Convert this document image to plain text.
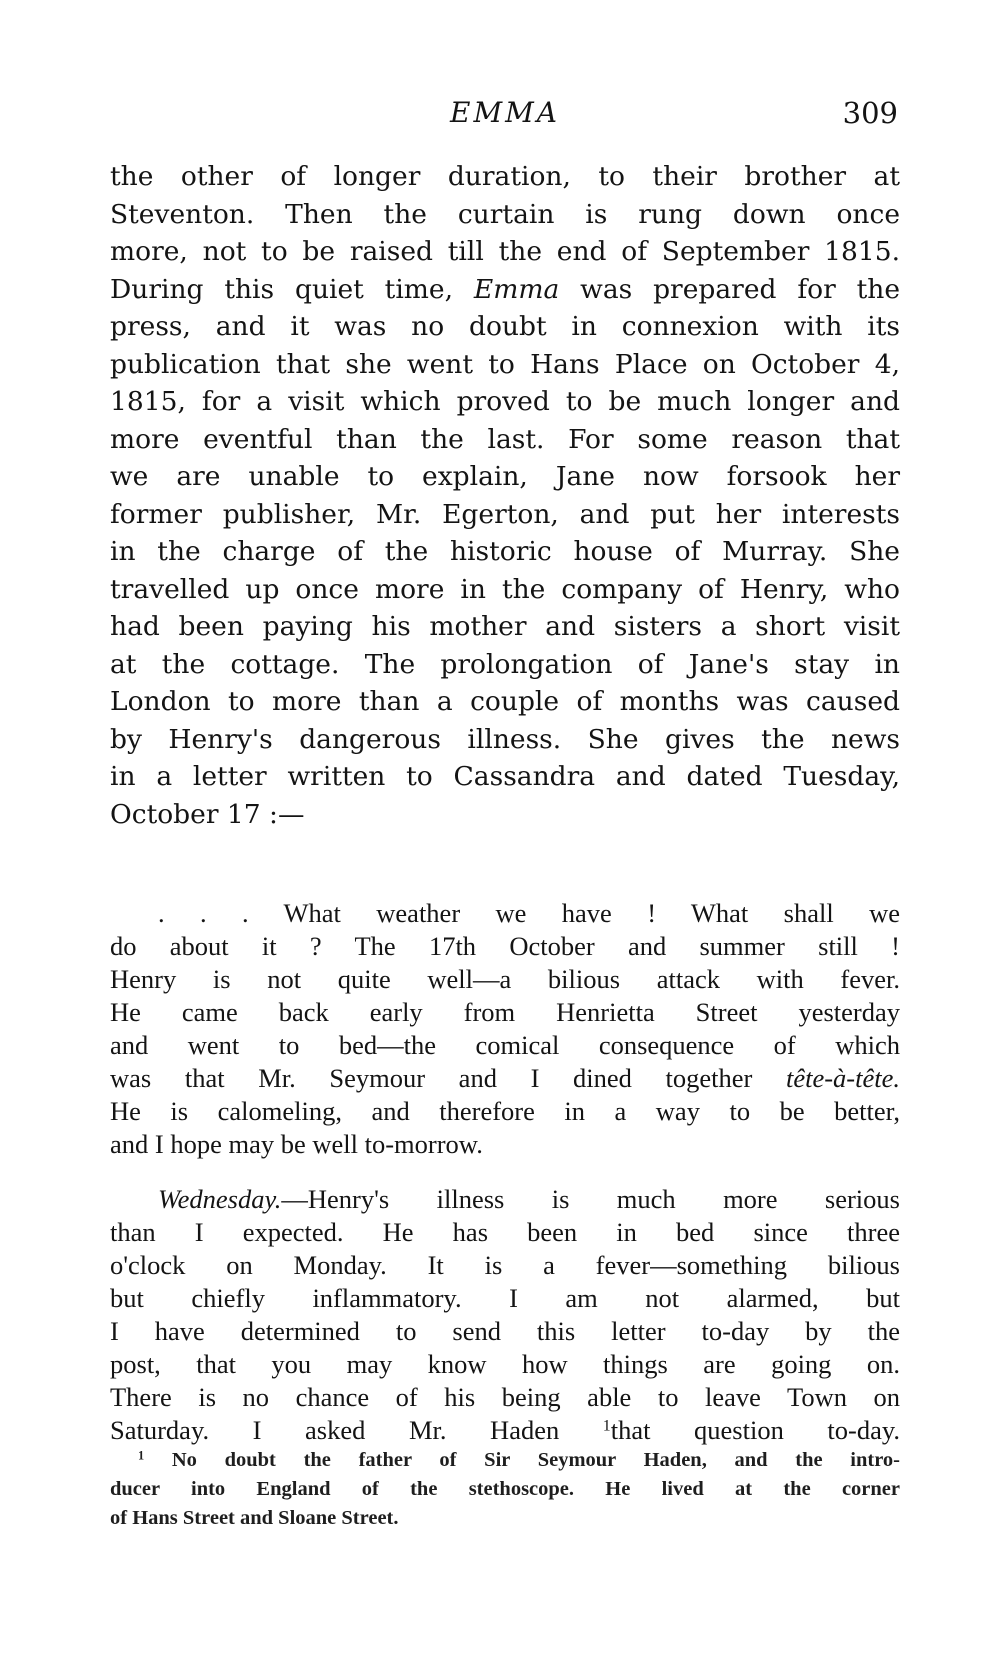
EMMA	309
the other of longer duration, to their brother at
Steventon. Then the curtain is rung down once
more, not to be raised till the end of September 1815.
During this quiet time, Emma was prepared for the
press, and it was no doubt in connexion with its
publication that she went to Hans Place on October 4,
1815, for a visit which proved to be much longer and
more eventful than the last. For some reason that
we are unable to explain, Jane now forsook her
former publisher, Mr. Egerton, and put her interests
in the charge of the historic house of Murray. She
travelled up once more in the company of Henry, who
had been paying his mother and sisters a short visit
at the cottage. The prolongation of Jane's stay in
London to more than a couple of months was caused
by Henry's dangerous illness. She gives the news
in a letter written to Cassandra and dated Tuesday,
October 17 :—
. . . What weather we have ! What shall we
do about it ? The 17th October and summer still !
Henry is not quite well—a bilious attack with fever.
He came back early from Henrietta Street yesterday
and went to bed—the comical consequence of which
was that Mr. Seymour and I dined together tête-à-tête.
He is calomeling, and therefore in a way to be better,
and I hope may be well to-morrow.
Wednesday.—Henry's illness is much more serious
than I expected. He has been in bed since three
o'clock on Monday. It is a fever—something bilious
but chiefly inflammatory. I am not alarmed, but
I have determined to send this letter to-day by the
post, that you may know how things are going on.
There is no chance of his being able to leave Town on
Saturday. I asked Mr. Haden $^1$that question to-day.
$^1$ No doubt the father of Sir Seymour Haden, and the intro-
ducer into England of the stethoscope. He lived at the corner
of Hans Street and Sloane Street.
